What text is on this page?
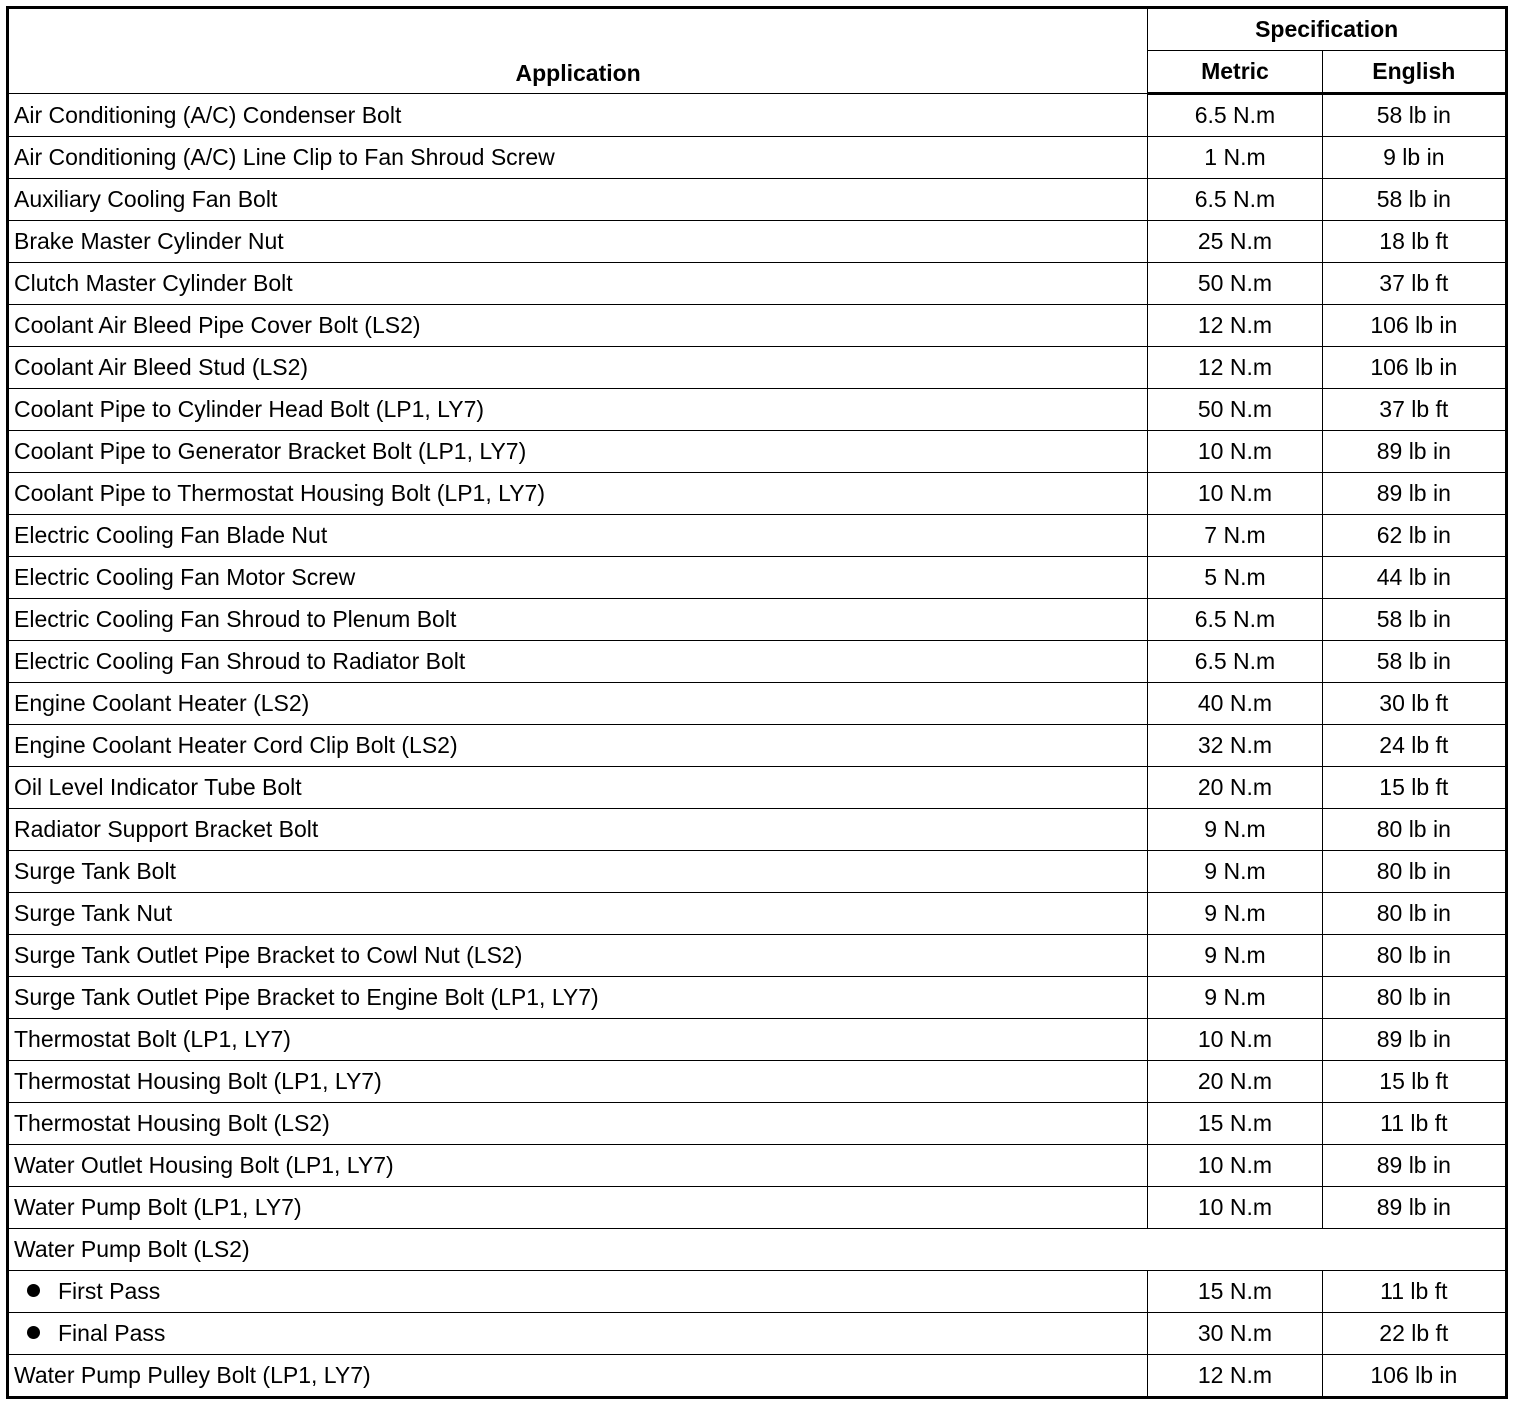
Application	Specification	
	Metric	English
Air Conditioning (A/C) Condenser Bolt	6.5 N.m	58 lb in
Air Conditioning (A/C) Line Clip to Fan Shroud Screw	1 N.m	9 lb in
Auxiliary Cooling Fan Bolt	6.5 N.m	58 lb in
Brake Master Cylinder Nut	25 N.m	18 lb ft
Clutch Master Cylinder Bolt	50 N.m	37 lb ft
Coolant Air Bleed Pipe Cover Bolt (LS2)	12 N.m	106 lb in
Coolant Air Bleed Stud (LS2)	12 N.m	106 lb in
Coolant Pipe to Cylinder Head Bolt (LP1, LY7)	50 N.m	37 lb ft
Coolant Pipe to Generator Bracket Bolt (LP1, LY7)	10 N.m	89 lb in
Coolant Pipe to Thermostat Housing Bolt (LP1, LY7)	10 N.m	89 lb in
Electric Cooling Fan Blade Nut	7 N.m	62 lb in
Electric Cooling Fan Motor Screw	5 N.m	44 lb in
Electric Cooling Fan Shroud to Plenum Bolt	6.5 N.m	58 lb in
Electric Cooling Fan Shroud to Radiator Bolt	6.5 N.m	58 lb in
Engine Coolant Heater (LS2)	40 N.m	30 lb ft
Engine Coolant Heater Cord Clip Bolt (LS2)	32 N.m	24 lb ft
Oil Level Indicator Tube Bolt	20 N.m	15 lb ft
Radiator Support Bracket Bolt	9 N.m	80 lb in
Surge Tank Bolt	9 N.m	80 lb in
Surge Tank Nut	9 N.m	80 lb in
Surge Tank Outlet Pipe Bracket to Cowl Nut (LS2)	9 N.m	80 lb in
Surge Tank Outlet Pipe Bracket to Engine Bolt (LP1, LY7)	9 N.m	80 lb in
Thermostat Bolt (LP1, LY7)	10 N.m	89 lb in
Thermostat Housing Bolt (LP1, LY7)	20 N.m	15 lb ft
Thermostat Housing Bolt (LS2)	15 N.m	11 lb ft
Water Outlet Housing Bolt (LP1, LY7)	10 N.m	89 lb in
Water Pump Bolt (LP1, LY7)	10 N.m	89 lb in
Water Pump Bolt (LS2)		
First Pass	15 N.m	11 lb ft
Final Pass	30 N.m	22 lb ft
Water Pump Pulley Bolt (LP1, LY7)	12 N.m	106 lb in
